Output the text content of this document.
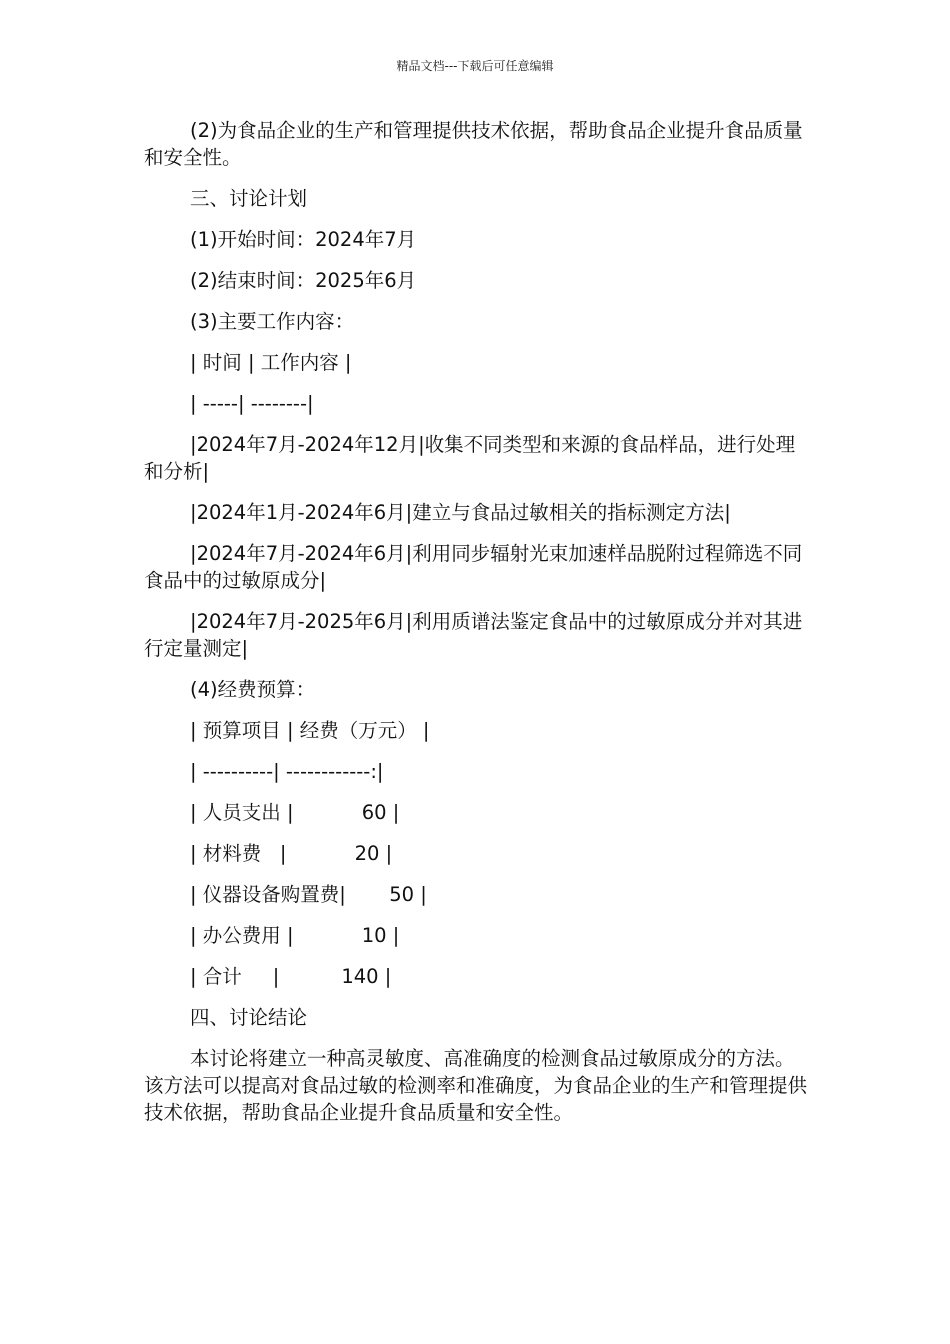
精品文档---下载后可任意编辑

(2)为食品企业的生产和管理提供技术依据，帮助食品企业提升食品质量和安全性。

三、讨论计划

(1)开始时间：2024年7月

(2)结束时间：2025年6月

(3)主要工作内容：

| 时间 | 工作内容 |

| -----| --------|

|2024年7月-2024年12月|收集不同类型和来源的食品样品，进行处理和分析|

|2024年1月-2024年6月|建立与食品过敏相关的指标测定方法|

|2024年7月-2024年6月|利用同步辐射光束加速样品脱附过程筛选不同食品中的过敏原成分|

|2024年7月-2025年6月|利用质谱法鉴定食品中的过敏原成分并对其进行定量测定|

(4)经费预算：

| 预算项目 | 经费（万元） |

| ----------| ------------:|

| 人员支出 |           60 |

| 材料费   |           20 |

| 仪器设备购置费|       50 |

| 办公费用 |           10 |

| 合计     |          140 |

四、讨论结论

本讨论将建立一种高灵敏度、高准确度的检测食品过敏原成分的方法。该方法可以提高对食品过敏的检测率和准确度，为食品企业的生产和管理提供技术依据，帮助食品企业提升食品质量和安全性。
